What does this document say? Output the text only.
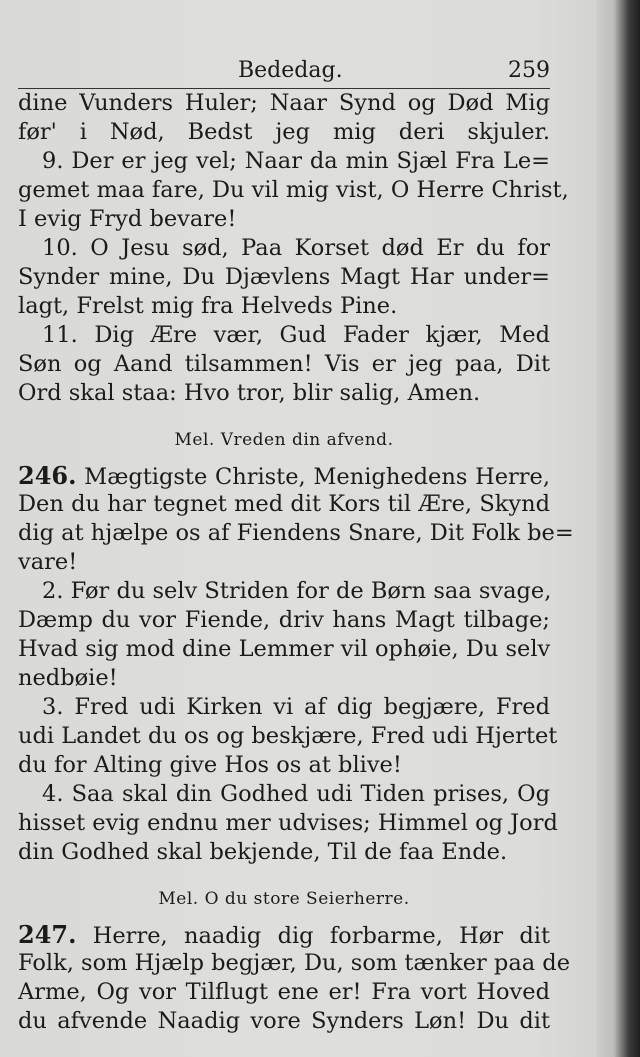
Bededag.	259
dine Vunders Huler; Naar Synd og Død Mig
før' i Nød, Bedst jeg mig deri skjuler.
9. Der er jeg vel; Naar da min Sjæl Fra Le=
gemet maa fare, Du vil mig vist, O Herre Christ,
I evig Fryd bevare!
10. O Jesu sød, Paa Korset død Er du for
Synder mine, Du Djævlens Magt Har under=
lagt, Frelst mig fra Helveds Pine.
11. Dig Ære vær, Gud Fader kjær, Med
Søn og Aand tilsammen! Vis er jeg paa, Dit
Ord skal staa: Hvo tror, blir salig, Amen.
Mel. Vreden din afvend.
246. Mægtigste Christe, Menighedens Herre,
Den du har tegnet med dit Kors til Ære, Skynd
dig at hjælpe os af Fiendens Snare, Dit Folk be=
vare!
2. Før du selv Striden for de Børn saa svage,
Dæmp du vor Fiende, driv hans Magt tilbage;
Hvad sig mod dine Lemmer vil ophøie, Du selv
nedbøie!
3. Fred udi Kirken vi af dig begjære, Fred
udi Landet du os og beskjære, Fred udi Hjertet
du for Alting give Hos os at blive!
4. Saa skal din Godhed udi Tiden prises, Og
hisset evig endnu mer udvises; Himmel og Jord
din Godhed skal bekjende, Til de faa Ende.
Mel. O du store Seierherre.
247. Herre, naadig dig forbarme, Hør dit
Folk, som Hjælp begjær, Du, som tænker paa de
Arme, Og vor Tilflugt ene er! Fra vort Hoved
du afvende Naadig vore Synders Løn! Du dit
